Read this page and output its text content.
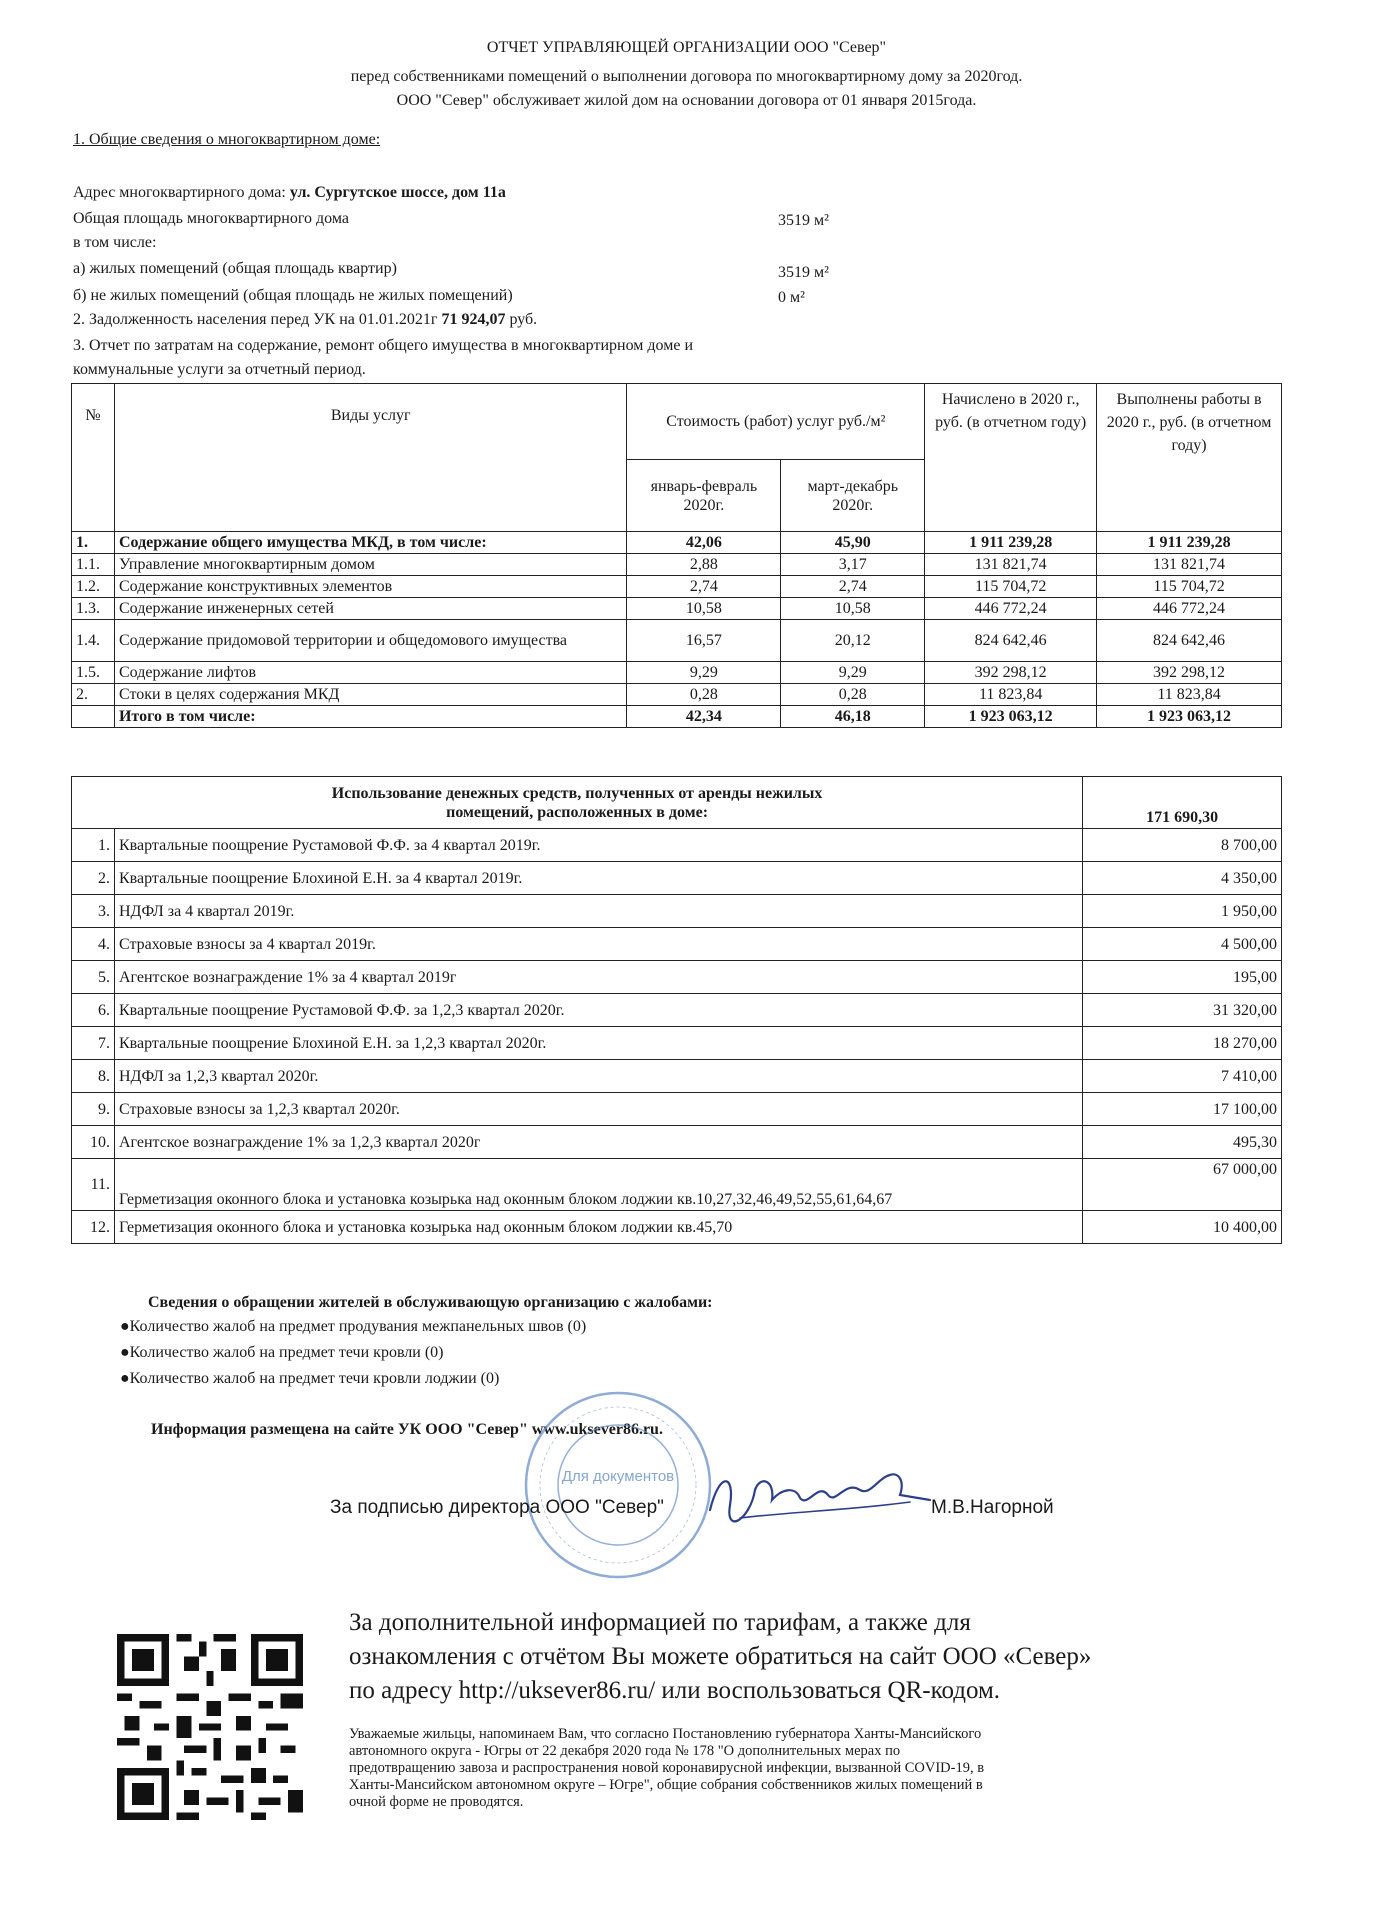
ОТЧЕТ УПРАВЛЯЮЩЕЙ ОРГАНИЗАЦИИ ООО "Север"
перед собственниками помещений о выполнении договора по многоквартирному дому за 2020год.
ООО "Север" обслуживает жилой дом на основании договора от 01 января 2015года.
1. Общие сведения о многоквартирном доме:
Адрес многоквартирного дома: ул. Сургутское шоссе, дом 11а
Общая площадь многоквартирного дома	3519 м²
в том числе:
а) жилых помещений (общая площадь квартир)	3519 м²
б) не жилых помещений (общая площадь не жилых помещений)	0 м²
2. Задолженность населения перед УК на 01.01.2021г 71 924,07 руб.
3. Отчет по затратам на содержание, ремонт общего имущества в многоквартирном доме и
коммунальные услуги за отчетный период.
№	Виды услуг	Стоимость (работ) услуг руб./м²		Начислено в 2020 г., руб. (в отчетном году)	Выполнены работы в 2020 г., руб. (в отчетном году)
		январь-февраль 2020г.	март-декабрь 2020г.		
1.	Содержание общего имущества МКД, в том числе:	42,06	45,90	1 911 239,28	1 911 239,28
1.1.	Управление многоквартирным домом	2,88	3,17	131 821,74	131 821,74
1.2.	Содержание конструктивных элементов	2,74	2,74	115 704,72	115 704,72
1.3.	Содержание инженерных сетей	10,58	10,58	446 772,24	446 772,24
1.4.	Содержание придомовой территории и общедомового имущества	16,57	20,12	824 642,46	824 642,46
1.5.	Содержание лифтов	9,29	9,29	392 298,12	392 298,12
2.	Стоки в целях содержания МКД	0,28	0,28	11 823,84	11 823,84
	Итого в том числе:	42,34	46,18	1 923 063,12	1 923 063,12
Использование денежных средств, полученных от аренды нежилых
помещений, расположенных в доме:		171 690,30
1.	Квартальные поощрение Рустамовой Ф.Ф. за 4 квартал 2019г.	8 700,00
2.	Квартальные поощрение Блохиной Е.Н. за 4 квартал 2019г.	4 350,00
3.	НДФЛ за 4 квартал 2019г.	1 950,00
4.	Страховые взносы за 4 квартал 2019г.	4 500,00
5.	Агентское вознаграждение 1% за 4 квартал 2019г	195,00
6.	Квартальные поощрение Рустамовой Ф.Ф. за 1,2,3 квартал 2020г.	31 320,00
7.	Квартальные поощрение Блохиной Е.Н. за 1,2,3 квартал 2020г.	18 270,00
8.	НДФЛ за 1,2,3 квартал 2020г.	7 410,00
9.	Страховые взносы за 1,2,3 квартал 2020г.	17 100,00
10.	Агентское вознаграждение 1% за 1,2,3 квартал 2020г	495,30
11.	Герметизация оконного блока и установка козырька над оконным блоком лоджии кв.10,27,32,46,49,52,55,61,64,67	67 000,00
12.	Герметизация оконного блока и установка козырька над оконным блоком лоджии кв.45,70	10 400,00
Сведения о обращении жителей в обслуживающую организацию с жалобами:
●Количество жалоб на предмет продувания межпанельных швов (0)
●Количество жалоб на предмет течи кровли (0)
●Количество жалоб на предмет течи кровли лоджии (0)
Информация размещена на сайте УК ООО "Север" www.uksever86.ru.
Для документов
За подписью директора ООО "Север"	М.В.Нагорной
За дополнительной информацией по тарифам, а также для
ознакомления с отчётом Вы можете обратиться на сайт ООО «Север»
по адресу http://uksever86.ru/ или воспользоваться QR-кодом.
Уважаемые жильцы, напоминаем Вам, что согласно Постановлению губернатора Ханты-Мансийского
автономного округа - Югры от 22 декабря 2020 года № 178 "О дополнительных мерах по
предотвращению завоза и распространения новой коронавирусной инфекции, вызванной COVID-19, в
Ханты-Мансийском автономном округе – Югре", общие собрания собственников жилых помещений в
очной форме не проводятся.
